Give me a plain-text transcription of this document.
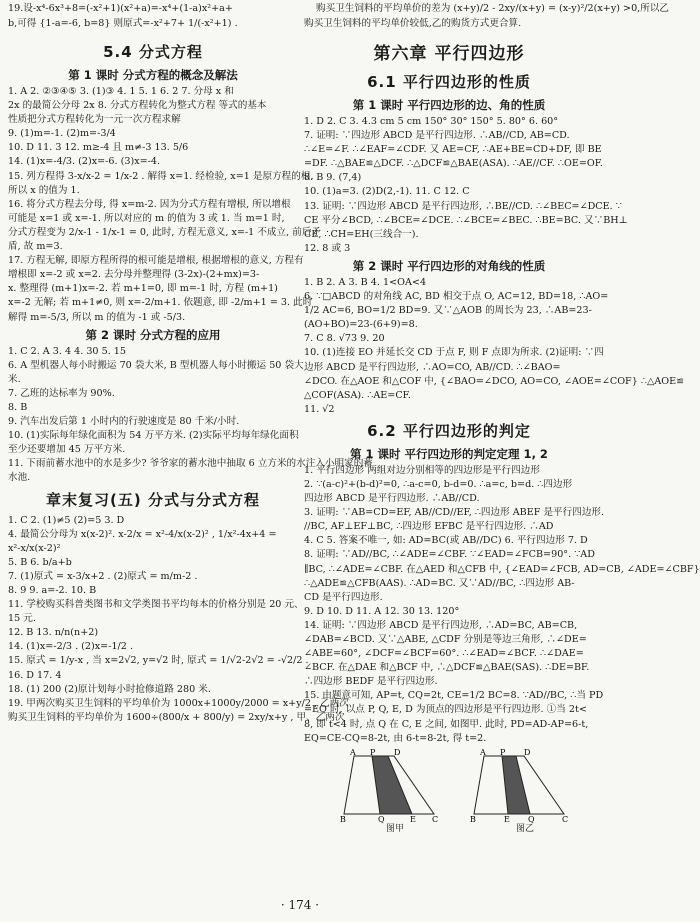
19.设-x⁴-6x³+8=(-x²+1)(x²+a)=-x⁴+(1-a)x²+a+
b,可得 {1-a=-6, b=8} 则原式=-x²+7+ 1/(-x²+1) .
购买卫生饲料的平均单价的差为 (x+y)/2 - 2xy/(x+y) = (x-y)²/2(x+y) >0,所以乙
购买卫生饲料的平均单价较低,乙的购货方式更合算.
5.4 分式方程
第 1 课时 分式方程的概念及解法
1. A 2. ②③④⑤ 3. (1)③ 4. 1 5. 1 6. 2 7. 分母 x 和
2x 的最简公分母 2x 8. 分式方程转化为整式方程 等式的基本
性质把分式方程转化为一元一次方程求解
9. (1)m=-1. (2)m=-3/4
10. D 11. 3 12. m≥-4 且 m≠-3 13. 5/6
14. (1)x=-4/3. (2)x=-6. (3)x=-4.
15. 列方程得 3-x/x-2 = 1/x-2 . 解得 x=1. 经检验, x=1 是原方程的根.
所以 x 的值为 1.
16. 将分式方程去分母, 得 x=m-2. 因为分式方程有增根, 所以增根
可能是 x=1 或 x=-1. 所以对应的 m 的值为 3 或 1. 当 m=1 时,
分式方程变为 2/x-1 - 1/x-1 = 0, 此时, 方程无意义, x=-1 不成立, 前后矛
盾, 故 m=3.
17. 方程无解, 即原方程所得的根可能是增根, 根据增根的意义, 方程有
增根即 x=-2 或 x=2. 去分母并整理得 (3-2x)-(2+mx)=3-
x. 整理得 (m+1)x=-2. 若 m+1=0, 即 m=-1 时, 方程 (m+1)
x=-2 无解; 若 m+1≠0, 则 x=-2/m+1. 依题意, 即 -2/m+1 = 3. 此时
解得 m=-5/3, 所以 m 的值为 -1 或 -5/3.
第 2 课时 分式方程的应用
1. C 2. A 3. 4 4. 30 5. 15
6. A 型机器人每小时搬运 70 袋大米, B 型机器人每小时搬运 50 袋大
米.
7. 乙班的达标率为 90%.
8. B
9. 汽车出发后第 1 小时内的行驶速度是 80 千米/小时.
10. (1)实际每年绿化面积为 54 万平方米. (2)实际平均每年绿化面积
至少还要增加 45 万平方米.
11. 下雨前蓄水池中的水是多少? 爷爷家的蓄水池中抽取 6 立方米的水注入小明家的蓄
水池.
章末复习(五) 分式与分式方程
1. C 2. (1)≠5 (2)=5 3. D
4. 最简公分母为 x(x-2)². x-2/x = x²-4/x(x-2)² , 1/x²-4x+4 =
x²-x/x(x-2)²
5. B 6. b/a+b
7. (1)原式 = x-3/x+2 . (2)原式 = m/m-2 .
8. 9 9. a=-2. 10. B
11. 学校购买科普类图书和文学类图书平均每本的价格分别是 20 元、
15 元.
12. B 13. n/n(n+2)
14. (1)x=-2/3 . (2)x=-1/2 .
15. 原式 = 1/y-x , 当 x=2√2, y=√2 时, 原式 = 1/√2-2√2 = -√2/2 .
16. D 17. 4
18. (1) 200 (2)原计划每小时抢修道路 280 米.
19. 甲两次购买卫生饲料的平均单价为 1000x+1000y/2000 = x+y/2 , 乙两次
购买卫生饲料的平均单价为 1600÷(800/x + 800/y) = 2xy/x+y , 甲、乙两次
第六章 平行四边形
6.1 平行四边形的性质
第 1 课时 平行四边形的边、角的性质
1. D 2. C 3. 4.3 cm 5 cm 150° 30° 150° 5. 80° 6. 60°
7. 证明: ∵四边形 ABCD 是平行四边形. ∴AB//CD, AB=CD.
∴∠E=∠F. ∴∠EAF=∠CDF. 又 AE=CF, ∴AE+BE=CD+DF, 即 BE
=DF. ∴△BAE≌△DCF. ∴△DCF≌△BAE(ASA). ∴AE//CF. ∴OE=OF.
8. B 9. (7,4)
10. (1)a=3. (2)D(2,-1). 11. C 12. C
13. 证明: ∵四边形 ABCD 是平行四边形, ∴BE//CD. ∴∠BEC=∠DCE. ∵
CE 平分∠BCD, ∴∠BCE=∠DCE. ∴∠BCE=∠BEC. ∴BE=BC. 又∵BH⊥
CE, ∴CH=EH(三线合一).
12. 8 或 3
第 2 课时 平行四边形的对角线的性质
1. B 2. A 3. B 4. 1<OA<4
6. ∵□ABCD 的对角线 AC, BD 相交于点 O, AC=12, BD=18, ∴AO=
1/2 AC=6, BO=1/2 BD=9. 又∵△AOB 的周长为 23, ∴AB=23-
(AO+BO)=23-(6+9)=8.
7. C 8. √73 9. 20
10. (1)连接 EO 并延长交 CD 于点 F, 则 F 点即为所求. (2)证明: ∵四
边形 ABCD 是平行四边形, ∴AO=CO, AB//CD. ∴∠BAO=
∠DCO. 在△AOE 和△COF 中, {∠BAO=∠DCO, AO=CO, ∠AOE=∠COF} ∴△AOE≌
△COF(ASA). ∴AE=CF.
11. √2
6.2 平行四边形的判定
第 1 课时 平行四边形的判定定理 1, 2
1. 平行四边形 两组对边分别相等的四边形是平行四边形
2. ∵(a-c)²+(b-d)²=0, ∴a-c=0, b-d=0. ∴a=c, b=d. ∴四边形
四边形 ABCD 是平行四边形. ∴AB//CD.
3. 证明: ∵AB=CD=EF, AB//CD//EF, ∴四边形 ABEF 是平行四边形.
//BC, AF⊥EF⊥BC, ∴四边形 EFBC 是平行四边形. ∴AD
4. C 5. 答案不唯一, 如: AD=BC(或 AB//DC) 6. 平行四边形 7. D
8. 证明: ∵AD//BC, ∴∠ADE=∠CBF. ∵∠EAD=∠FCB=90°. ∵AD
∥BC, ∴∠ADE=∠CBF. 在△AED 和△CFB 中, {∠EAD=∠FCB, AD=CB, ∠ADE=∠CBF}
∴△ADE≌△CFB(AAS). ∴AD=BC. 又∵AD//BC, ∴四边形 AB-
CD 是平行四边形.
9. D 10. D 11. A 12. 30 13. 120°
14. 证明: ∵四边形 ABCD 是平行四边形, ∴AD=BC, AB=CB,
∠DAB=∠BCD. 又∵△ABE, △CDF 分别是等边三角形, ∴∠DE=
∠ABE=60°, ∠DCF=∠BCF=60°. ∴∠EAD=∠BCF. ∴∠DAE=
∠BCF. 在△DAE 和△BCF 中, ∴△DCF≌△BAE(SAS). ∴DE=BF.
∴四边形 BEDF 是平行四边形.
15. 由题意可知, AP=t, CQ=2t, CE=1/2 BC=8. ∵AD//BC, ∴当 PD
=EQ 时, 以点 P, Q, E, D 为顶点的四边形是平行四边形. ①当 2t<
8, 即 t<4 时, 点 Q 在 C, E 之间, 如图甲. 此时, PD=AD-AP=6-t,
EQ=CE-CQ=8-2t, 由 6-t=8-2t, 得 t=2.
A P D
B	Q	E C
A P D
B	E Q	C
图甲	图乙
· 174 ·
